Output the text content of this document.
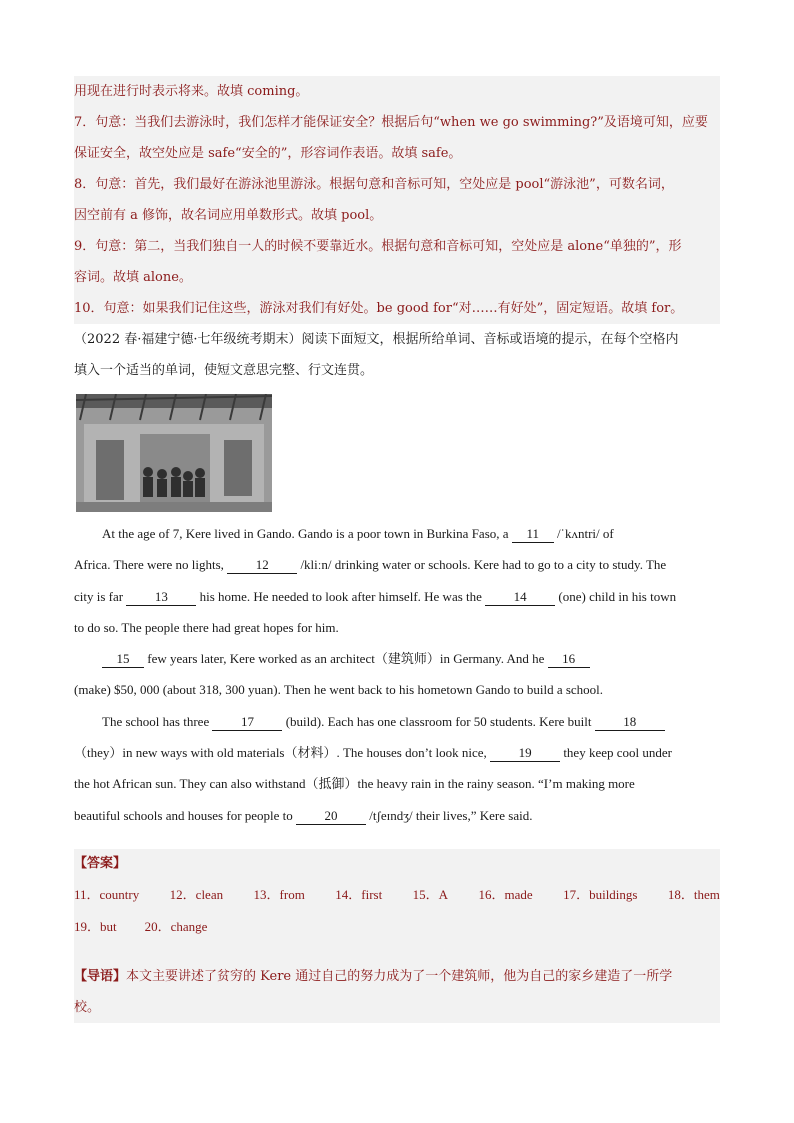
用现在进行时表示将来。故填 coming。
7．句意：当我们去游泳时，我们怎样才能保证安全？根据后句“when we go swimming?”及语境可知，应要
保证安全，故空处应是 safe“安全的”，形容词作表语。故填 safe。
8．句意：首先，我们最好在游泳池里游泳。根据句意和音标可知，空处应是 pool“游泳池”，可数名词，
因空前有 a 修饰，故名词应用单数形式。故填 pool。
9．句意：第二，当我们独自一人的时候不要靠近水。根据句意和音标可知，空处应是 alone“单独的”，形
容词。故填 alone。
10．句意：如果我们记住这些，游泳对我们有好处。be good for“对……有好处”，固定短语。故填 for。
（2022 春·福建宁德·七年级统考期末）阅读下面短文，根据所给单词、音标或语境的提示，在每个空格内
填入一个适当的单词，使短文意思完整、行文连贯。
At the age of 7, Kere lived in Gando. Gando is a poor town in Burkina Faso, a 11 /ˈkʌntri/ of
Africa. There were no lights, 12 /kliːn/ drinking water or schools. Kere had to go to a city to study. The
city is far 13 his home. He needed to look after himself. He was the 14 (one) child in his town
to do so. The people there had great hopes for him.
15 few years later, Kere worked as an architect（建筑师）in Germany. And he 16
(make) $50, 000 (about 318, 300 yuan). Then he went back to his hometown Gando to build a school.
The school has three 17 (build). Each has one classroom for 50 students. Kere built 18
（they）in new ways with old materials（材料）. The houses don’t look nice, 19 they keep cool under
the hot African sun. They can also withstand（抵御）the heavy rain in the rainy season. “I’m making more
beautiful schools and houses for people to 20 /tʃeɪndʒ/ their lives,” Kere said.
【答案】
11．country 12．clean 13．from 14．first 15．A 16．made 17．buildings 18．them
19．but 20．change
【导语】本文主要讲述了贫穷的 Kere 通过自己的努力成为了一个建筑师，他为自己的家乡建造了一所学
校。
